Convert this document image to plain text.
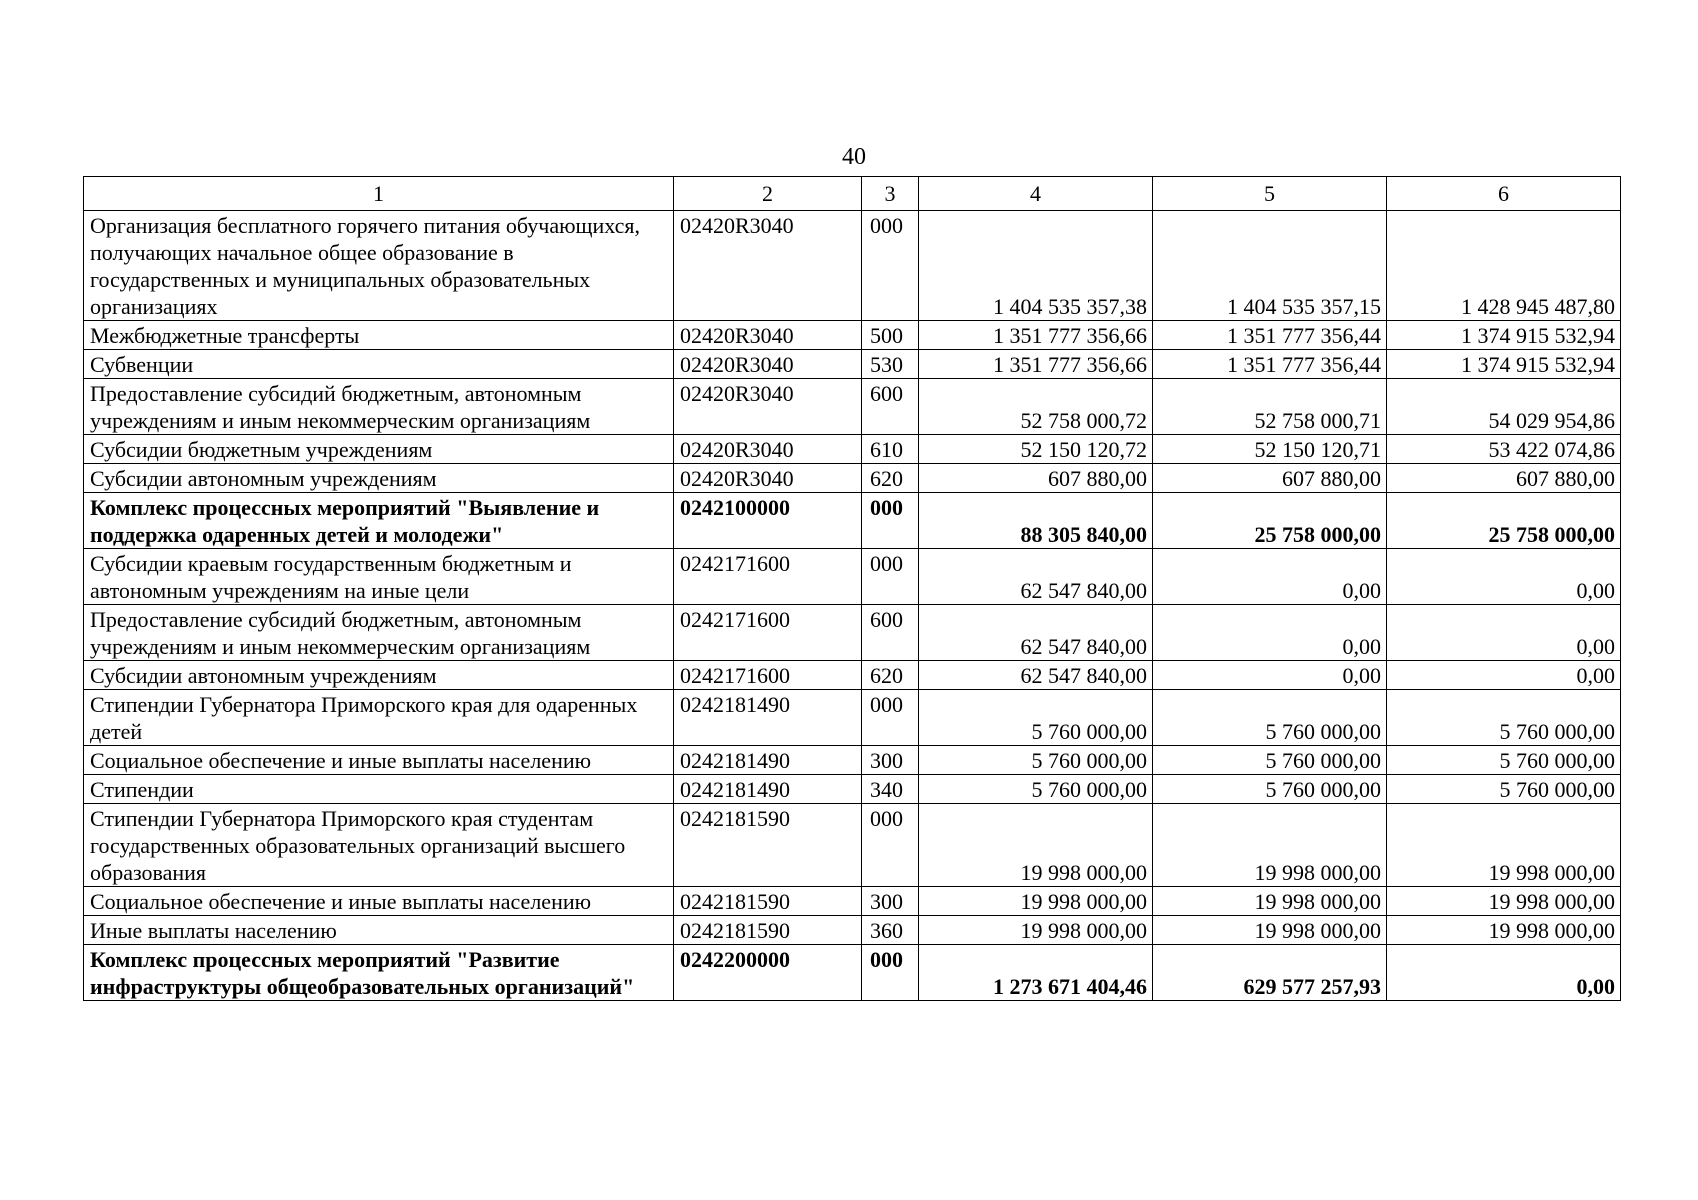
40
1	2	3	4	5	6
Организация бесплатного горячего питания обучающихся, получающих начальное общее образование в государственных и муниципальных образовательных организациях	02420R3040	000	1 404 535 357,38	1 404 535 357,15	1 428 945 487,80
Межбюджетные трансферты	02420R3040	500	1 351 777 356,66	1 351 777 356,44	1 374 915 532,94
Субвенции	02420R3040	530	1 351 777 356,66	1 351 777 356,44	1 374 915 532,94
Предоставление субсидий бюджетным, автономным учреждениям и иным некоммерческим организациям	02420R3040	600	52 758 000,72	52 758 000,71	54 029 954,86
Субсидии бюджетным учреждениям	02420R3040	610	52 150 120,72	52 150 120,71	53 422 074,86
Субсидии автономным учреждениям	02420R3040	620	607 880,00	607 880,00	607 880,00
Комплекс процессных мероприятий "Выявление и поддержка одаренных детей и молодежи"	0242100000	000	88 305 840,00	25 758 000,00	25 758 000,00
Субсидии краевым государственным бюджетным и автономным учреждениям на иные цели	0242171600	000	62 547 840,00	0,00	0,00
Предоставление субсидий бюджетным, автономным учреждениям и иным некоммерческим организациям	0242171600	600	62 547 840,00	0,00	0,00
Субсидии автономным учреждениям	0242171600	620	62 547 840,00	0,00	0,00
Стипендии Губернатора Приморского края для одаренных детей	0242181490	000	5 760 000,00	5 760 000,00	5 760 000,00
Социальное обеспечение и иные выплаты населению	0242181490	300	5 760 000,00	5 760 000,00	5 760 000,00
Стипендии	0242181490	340	5 760 000,00	5 760 000,00	5 760 000,00
Стипендии Губернатора Приморского края студентам государственных образовательных организаций высшего образования	0242181590	000	19 998 000,00	19 998 000,00	19 998 000,00
Социальное обеспечение и иные выплаты населению	0242181590	300	19 998 000,00	19 998 000,00	19 998 000,00
Иные выплаты населению	0242181590	360	19 998 000,00	19 998 000,00	19 998 000,00
Комплекс процессных мероприятий "Развитие инфраструктуры общеобразовательных организаций"	0242200000	000	1 273 671 404,46	629 577 257,93	0,00
